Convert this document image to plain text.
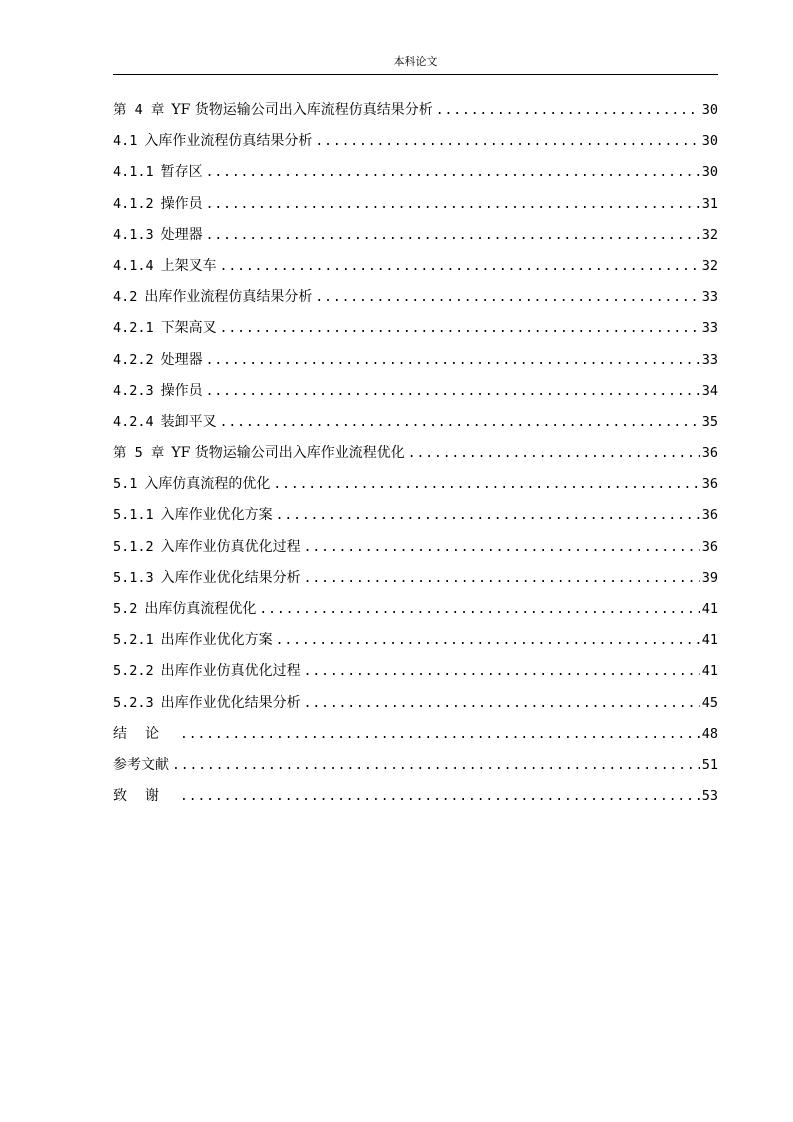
本科论文
第 4 章 YF 货物运输公司出入库流程仿真结果分析 .....	30
4.1 入库作业流程仿真结果分析 .....	30
4.1.1 暂存区 .....	30
4.1.2 操作员 .....	31
4.1.3 处理器 .....	32
4.1.4 上架叉车 .....	32
4.2 出库作业流程仿真结果分析 .....	33
4.2.1 下架高叉 .....	33
4.2.2 处理器 .....	33
4.2.3 操作员 .....	34
4.2.4 装卸平叉 .....	35
第 5 章 YF 货物运输公司出入库作业流程优化 .....	36
5.1 入库仿真流程的优化 .....	36
5.1.1 入库作业优化方案 .....	36
5.1.2 入库作业仿真优化过程 .....	36
5.1.3 入库作业优化结果分析 .....	39
5.2 出库仿真流程优化 .....	41
5.2.1 出库作业优化方案 .....	41
5.2.2 出库作业仿真优化过程 .....	41
5.2.3 出库作业优化结果分析 .....	45
结论 .....	48
参考文献 .....	51
致谢 .....	53
